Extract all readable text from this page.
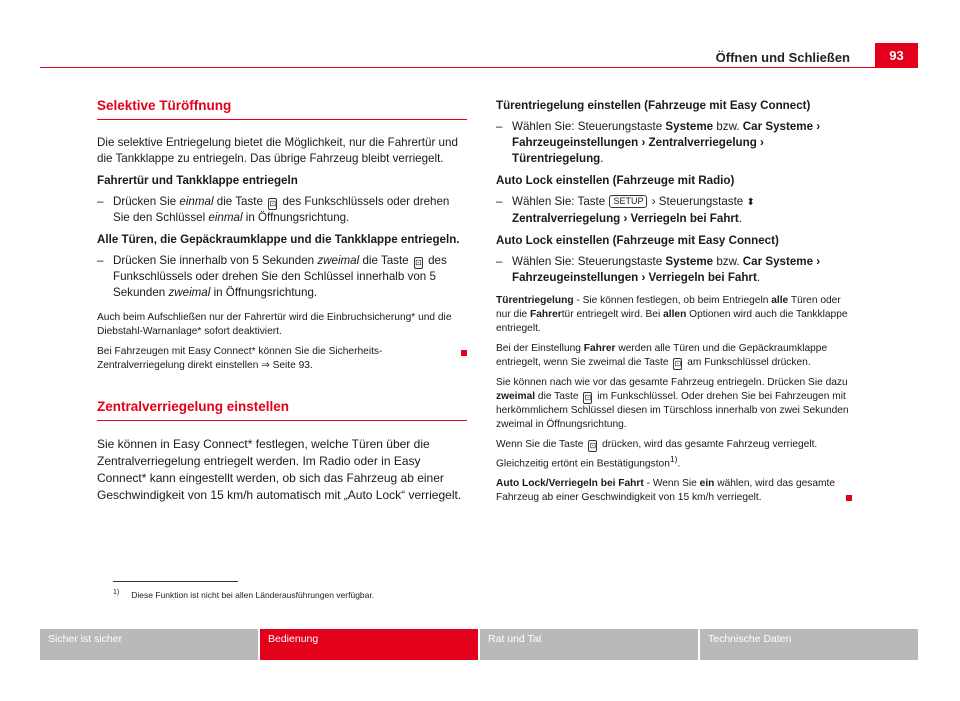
Öffnen und Schließen	93
Selektive Türöffnung
Die selektive Entriegelung bietet die Möglichkeit, nur die Fahrertür und die Tankklappe zu entriegeln. Das übrige Fahrzeug bleibt verriegelt.
Fahrertür und Tankklappe entriegeln
– Drücken Sie einmal die Taste ⊡ des Funkschlüssels oder drehen Sie den Schlüssel einmal in Öffnungsrichtung.
Alle Türen, die Gepäckraumklappe und die Tankklappe entriegeln.
– Drücken Sie innerhalb von 5 Sekunden zweimal die Taste ⊡ des Funkschlüssels oder drehen Sie den Schlüssel innerhalb von 5 Sekunden zweimal in Öffnungsrichtung.
Auch beim Aufschließen nur der Fahrertür wird die Einbruchsicherung* und die Diebstahl-Warnanlage* sofort deaktiviert.
Bei Fahrzeugen mit Easy Connect* können Sie die Sicherheits-Zentralverriegelung direkt einstellen ⇒ Seite 93.
Zentralverriegelung einstellen
Sie können in Easy Connect* festlegen, welche Türen über die Zentralverriegelung entriegelt werden. Im Radio oder in Easy Connect* kann eingestellt werden, ob sich das Fahrzeug ab einer Geschwindigkeit von 15 km/h automatisch mit „Auto Lock“ verriegelt.
Türentriegelung einstellen (Fahrzeuge mit Easy Connect)
– Wählen Sie: Steuerungstaste Systeme bzw. Car Systeme › Fahrzeugeinstellungen › Zentralverriegelung › Türentriegelung.
Auto Lock einstellen (Fahrzeuge mit Radio)
– Wählen Sie: Taste SETUP › Steuerungstaste ⬍ Zentralverriegelung › Verriegeln bei Fahrt.
Auto Lock einstellen (Fahrzeuge mit Easy Connect)
– Wählen Sie: Steuerungstaste Systeme bzw. Car Systeme › Fahrzeugeinstellungen › Verriegeln bei Fahrt.
Türentriegelung - Sie können festlegen, ob beim Entriegeln alle Türen oder nur die Fahrertür entriegelt wird. Bei allen Optionen wird auch die Tankklappe entriegelt.
Bei der Einstellung Fahrer werden alle Türen und die Gepäckraumklappe entriegelt, wenn Sie zweimal die Taste ⊡ am Funkschlüssel drücken.
Sie können nach wie vor das gesamte Fahrzeug entriegeln. Drücken Sie dazu zweimal die Taste ⊡ im Funkschlüssel. Oder drehen Sie bei Fahrzeugen mit herkömmlichem Schlüssel diesen im Türschloss innerhalb von zwei Sekunden zweimal in Öffnungsrichtung.
Wenn Sie die Taste ⊡ drücken, wird das gesamte Fahrzeug verriegelt. Gleichzeitig ertönt ein Bestätigungston$^{1)}$.
Auto Lock/Verriegeln bei Fahrt - Wenn Sie ein wählen, wird das gesamte Fahrzeug ab einer Geschwindigkeit von 15 km/h verriegelt.
$^{1)}$ Diese Funktion ist nicht bei allen Länderausführungen verfügbar.
Sicher ist sicher	Bedienung	Rat und Tat	Technische Daten
